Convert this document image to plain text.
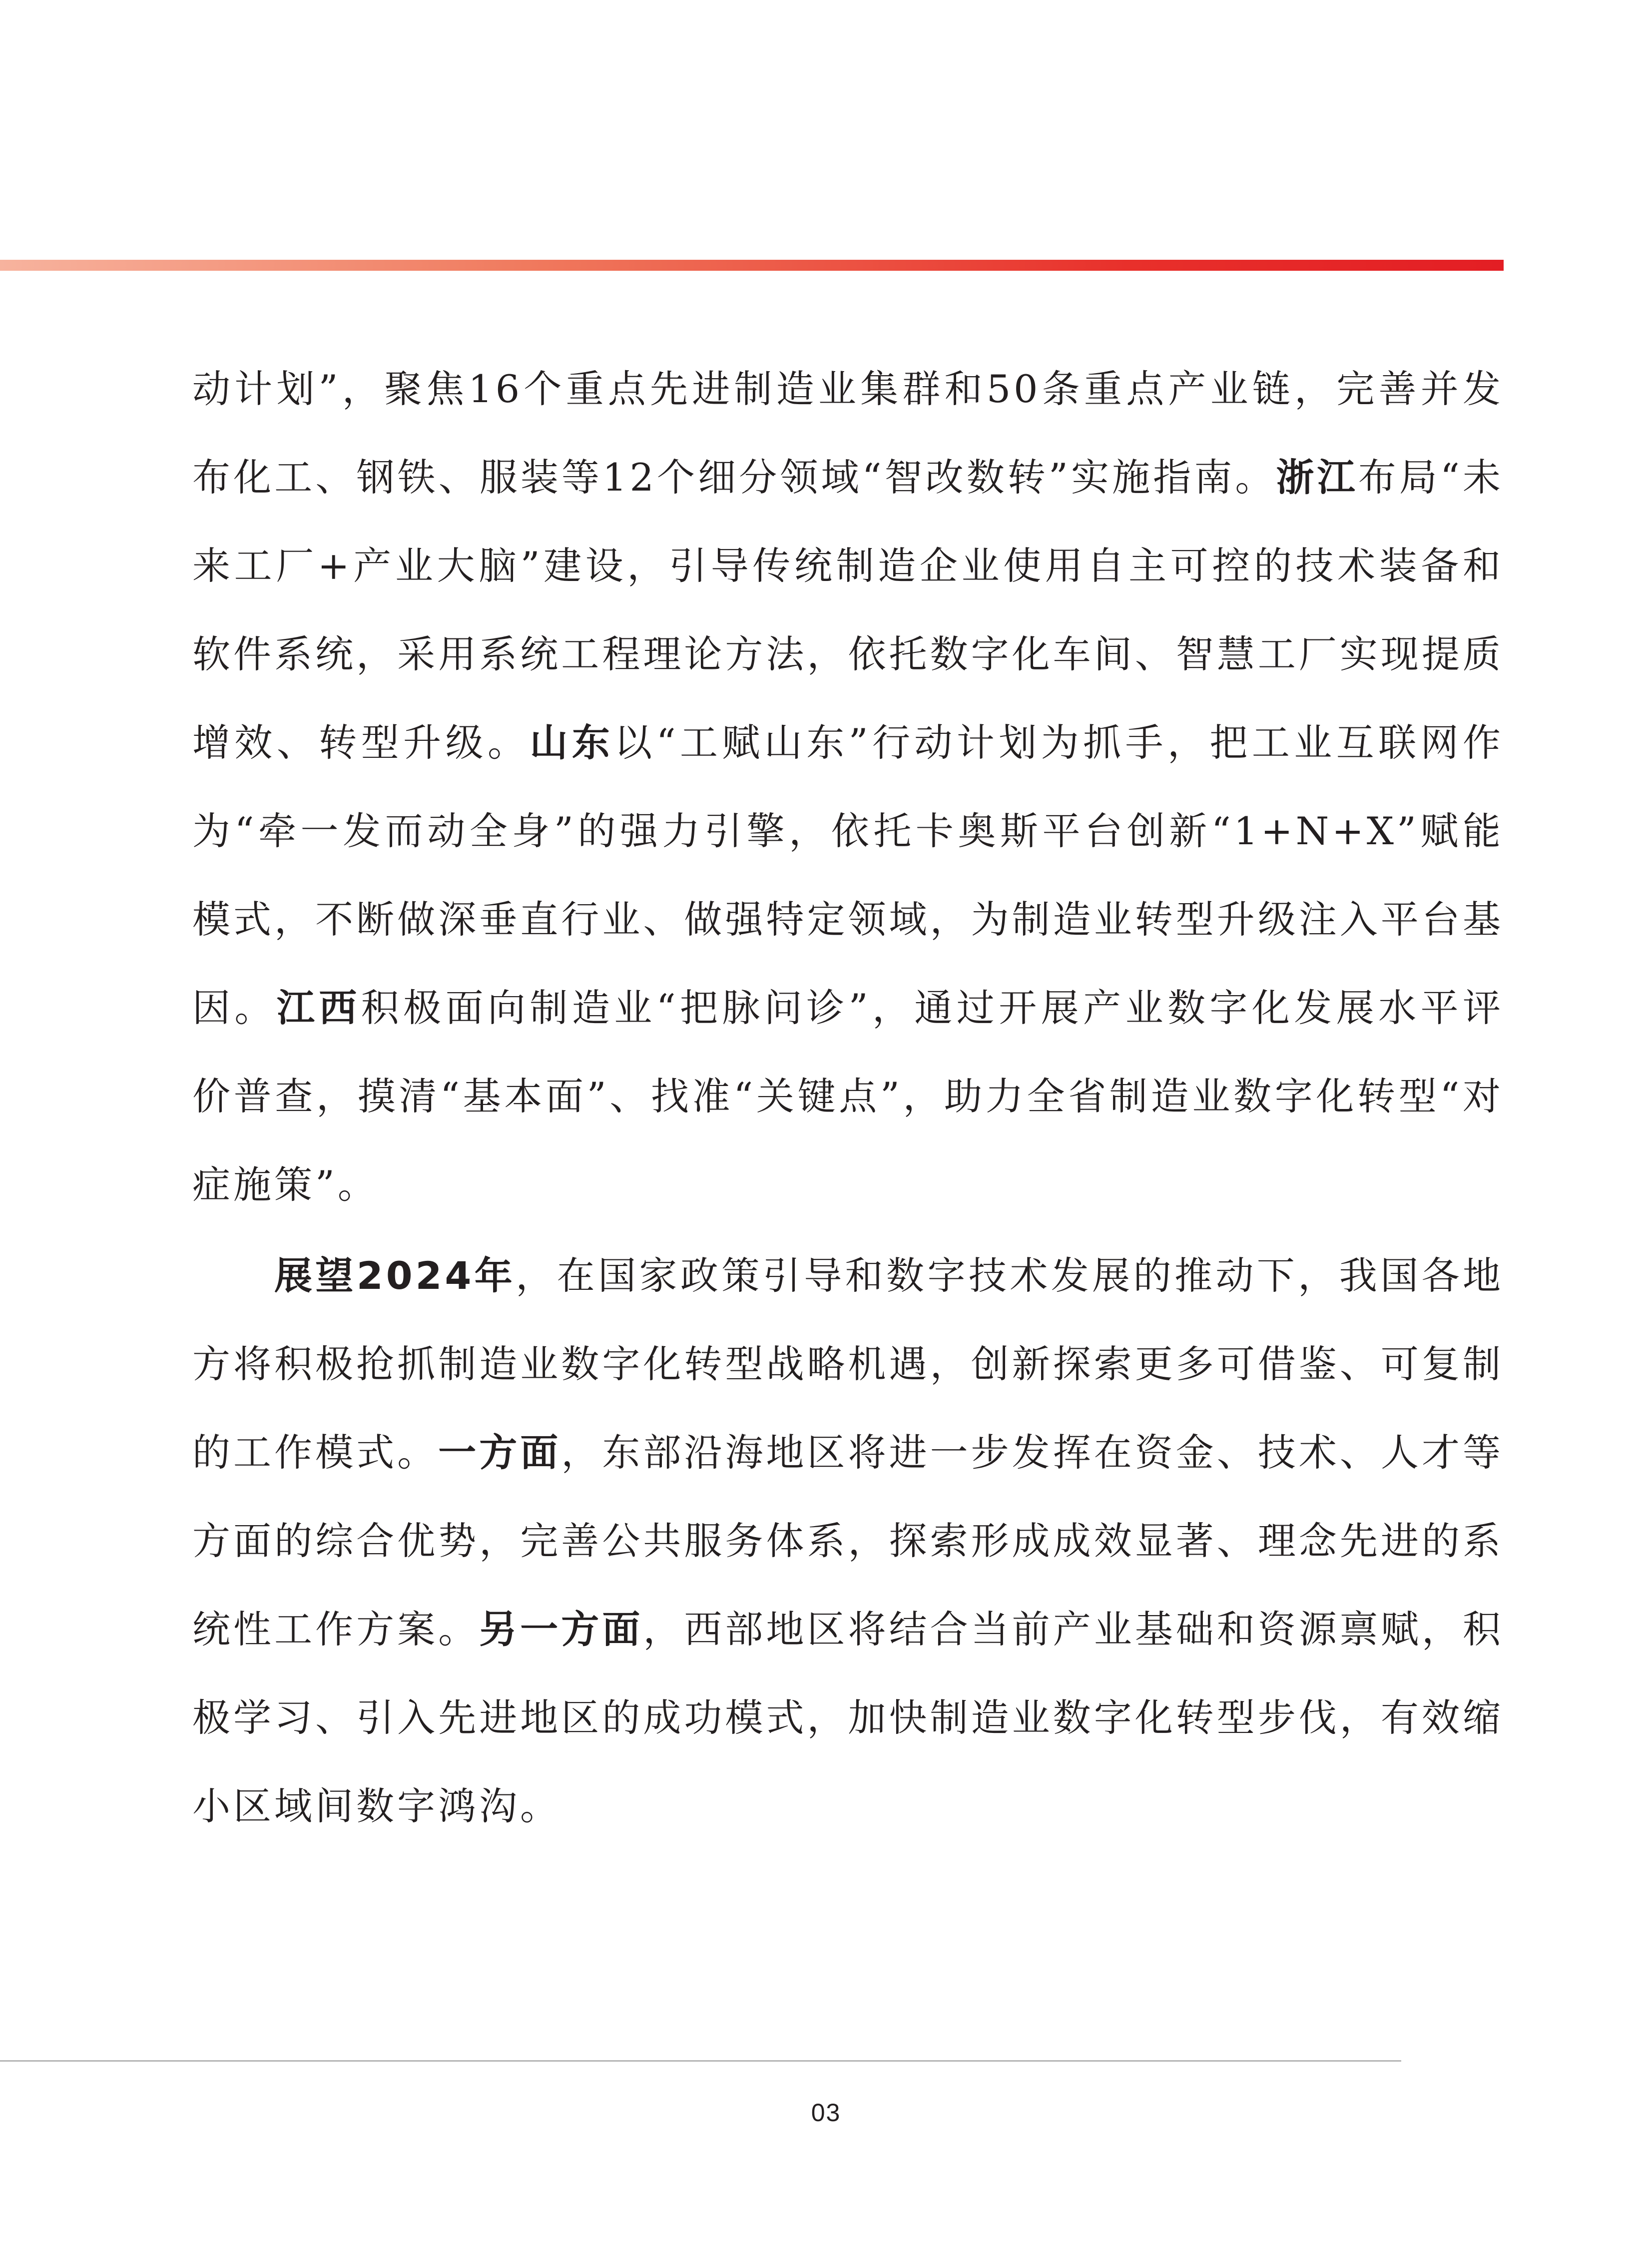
动计划”，聚焦16个重点先进制造业集群和50条重点产业链，完善并发布化工、钢铁、服装等12个细分领域“智改数转”实施指南。浙江布局“未来工厂+产业大脑”建设，引导传统制造企业使用自主可控的技术装备和软件系统，采用系统工程理论方法，依托数字化车间、智慧工厂实现提质增效、转型升级。山东以“工赋山东”行动计划为抓手，把工业互联网作为“牵一发而动全身”的强力引擎，依托卡奥斯平台创新“1+N+X”赋能模式，不断做深垂直行业、做强特定领域，为制造业转型升级注入平台基因。江西积极面向制造业“把脉问诊”，通过开展产业数字化发展水平评价普查，摸清“基本面”、找准“关键点”，助力全省制造业数字化转型“对症施策”。

展望2024年，在国家政策引导和数字技术发展的推动下，我国各地方将积极抢抓制造业数字化转型战略机遇，创新探索更多可借鉴、可复制的工作模式。一方面，东部沿海地区将进一步发挥在资金、技术、人才等方面的综合优势，完善公共服务体系，探索形成成效显著、理念先进的系统性工作方案。另一方面，西部地区将结合当前产业基础和资源禀赋，积极学习、引入先进地区的成功模式，加快制造业数字化转型步伐，有效缩小区域间数字鸿沟。

03
